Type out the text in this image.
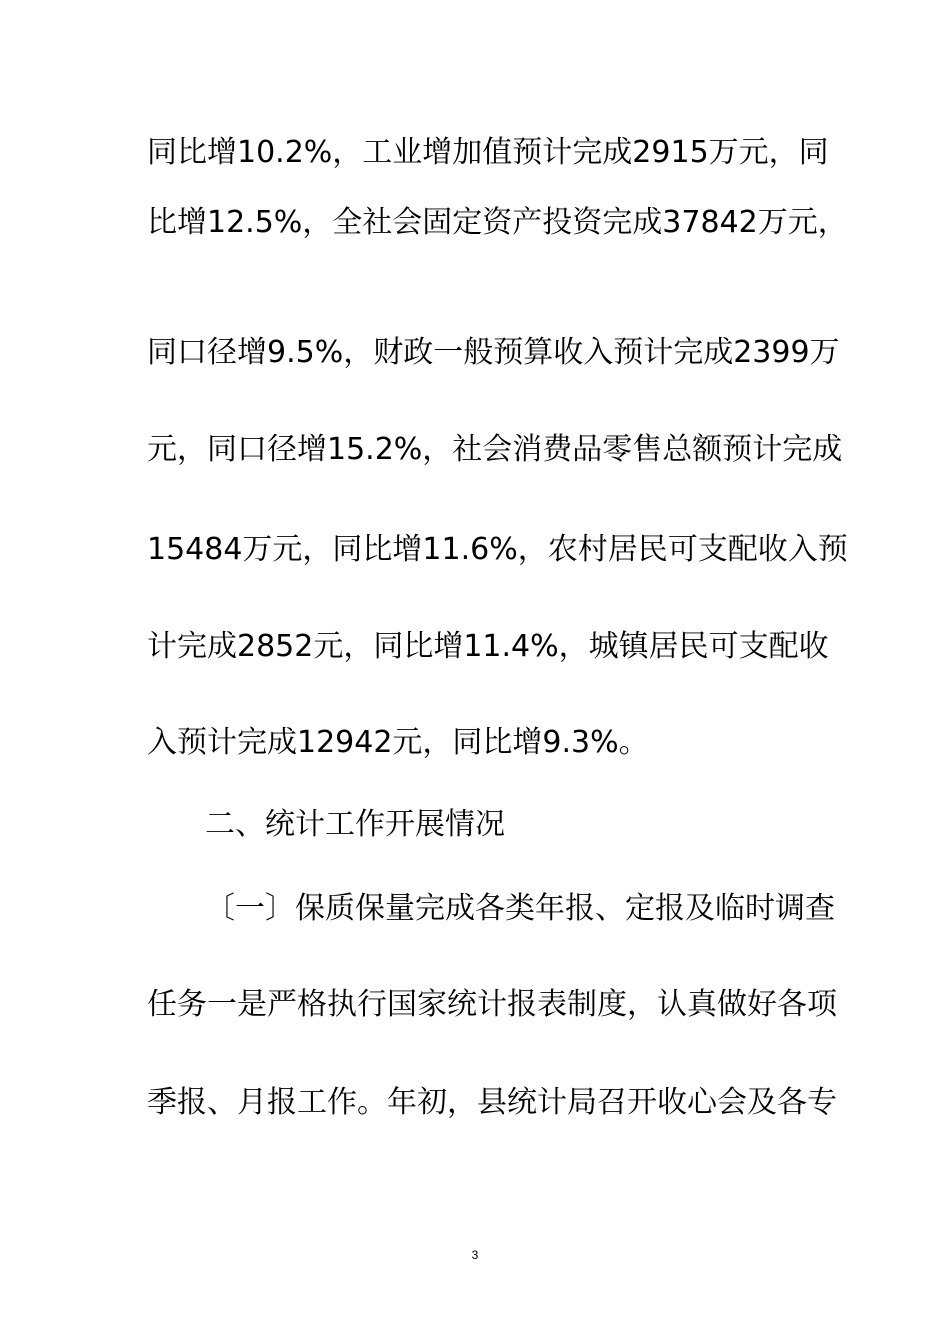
同比增10.2%，工业增加值预计完成2915万元，同
比增12.5%，全社会固定资产投资完成37842万元，
同口径增9.5%，财政一般预算收入预计完成2399万
元，同口径增15.2%，社会消费品零售总额预计完成
15484万元，同比增11.6%，农村居民可支配收入预
计完成2852元，同比增11.4%，城镇居民可支配收
入预计完成12942元，同比增9.3%。
二、统计工作开展情况
〔一〕保质保量完成各类年报、定报及临时调查
任务一是严格执行国家统计报表制度，认真做好各项
季报、月报工作。年初，县统计局召开收心会及各专
3
